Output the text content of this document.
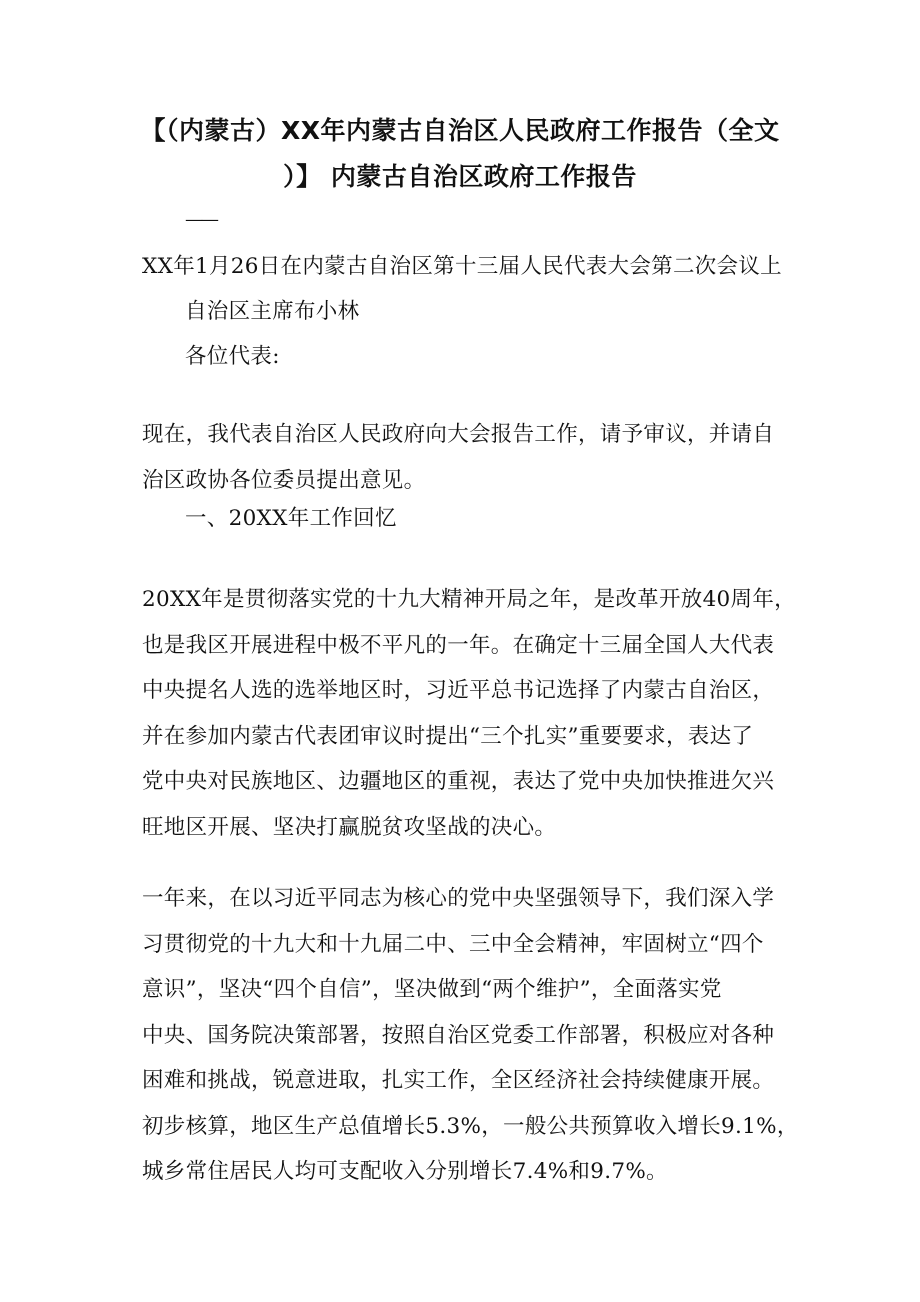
【（内蒙古）XX年内蒙古自治区人民政府工作报告（全文
）】 内蒙古自治区政府工作报告
——
XX年1月26日在内蒙古自治区第十三届人民代表大会第二次会议上
自治区主席布小林
各位代表:
现在，我代表自治区人民政府向大会报告工作，请予审议，并请自
治区政协各位委员提出意见。
一、20XX年工作回忆
20XX年是贯彻落实党的十九大精神开局之年，是改革开放40周年，
也是我区开展进程中极不平凡的一年。在确定十三届全国人大代表
中央提名人选的选举地区时，习近平总书记选择了内蒙古自治区，
并在参加内蒙古代表团审议时提出“三个扎实”重要要求，表达了
党中央对民族地区、边疆地区的重视，表达了党中央加快推进欠兴
旺地区开展、坚决打赢脱贫攻坚战的决心。
一年来，在以习近平同志为核心的党中央坚强领导下，我们深入学
习贯彻党的十九大和十九届二中、三中全会精神，牢固树立“四个
意识”，坚决“四个自信”，坚决做到“两个维护”，全面落实党
中央、国务院决策部署，按照自治区党委工作部署，积极应对各种
困难和挑战，锐意进取，扎实工作，全区经济社会持续健康开展。
初步核算，地区生产总值增长5.3%，一般公共预算收入增长9.1%，
城乡常住居民人均可支配收入分别增长7.4%和9.7%。
